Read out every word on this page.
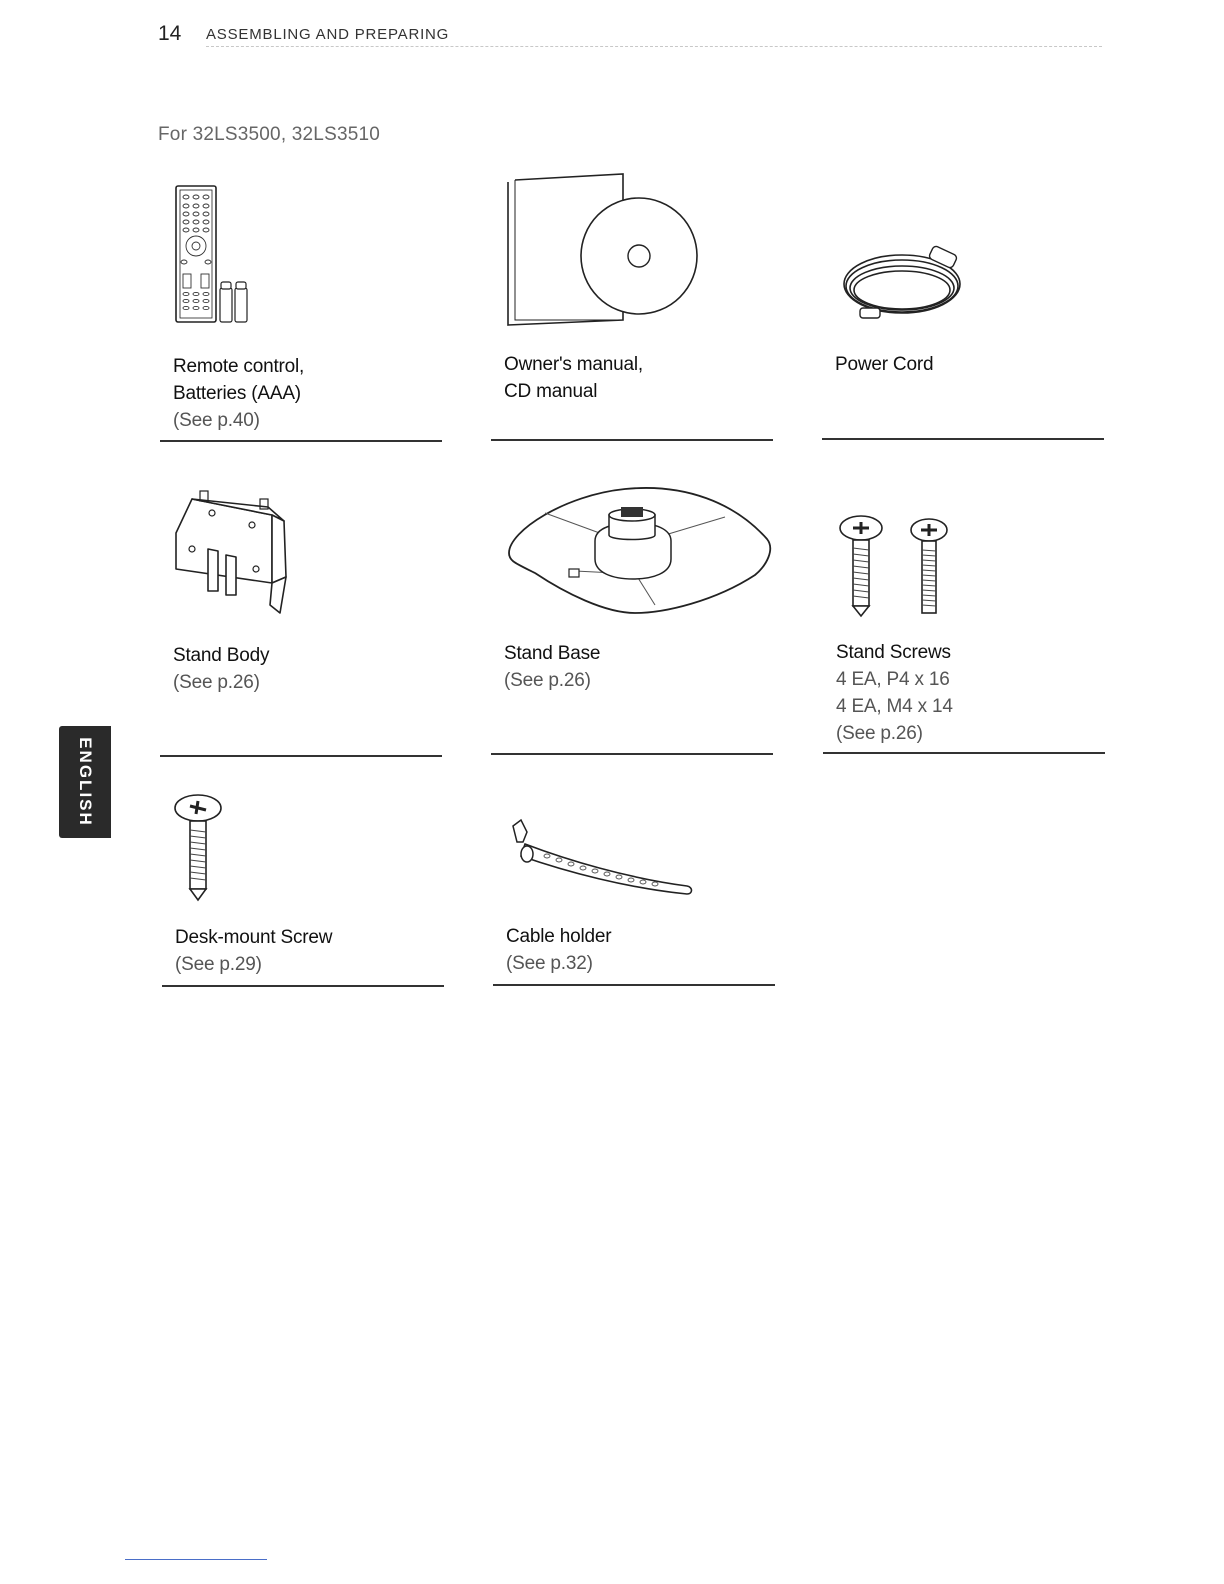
14 ASSEMBLING AND PREPARING
For 32LS3500, 32LS3510
ENGLISH
Remote control,
Batteries (AAA)
(See p.40)
Owner's manual,
CD manual
Power Cord
Stand Body
(See p.26)
Stand Base
(See p.26)
Stand Screws
4 EA, P4 x 16
4 EA, M4 x 14
(See p.26)
Desk-mount Screw
(See p.29)
Cable holder
(See p.32)
